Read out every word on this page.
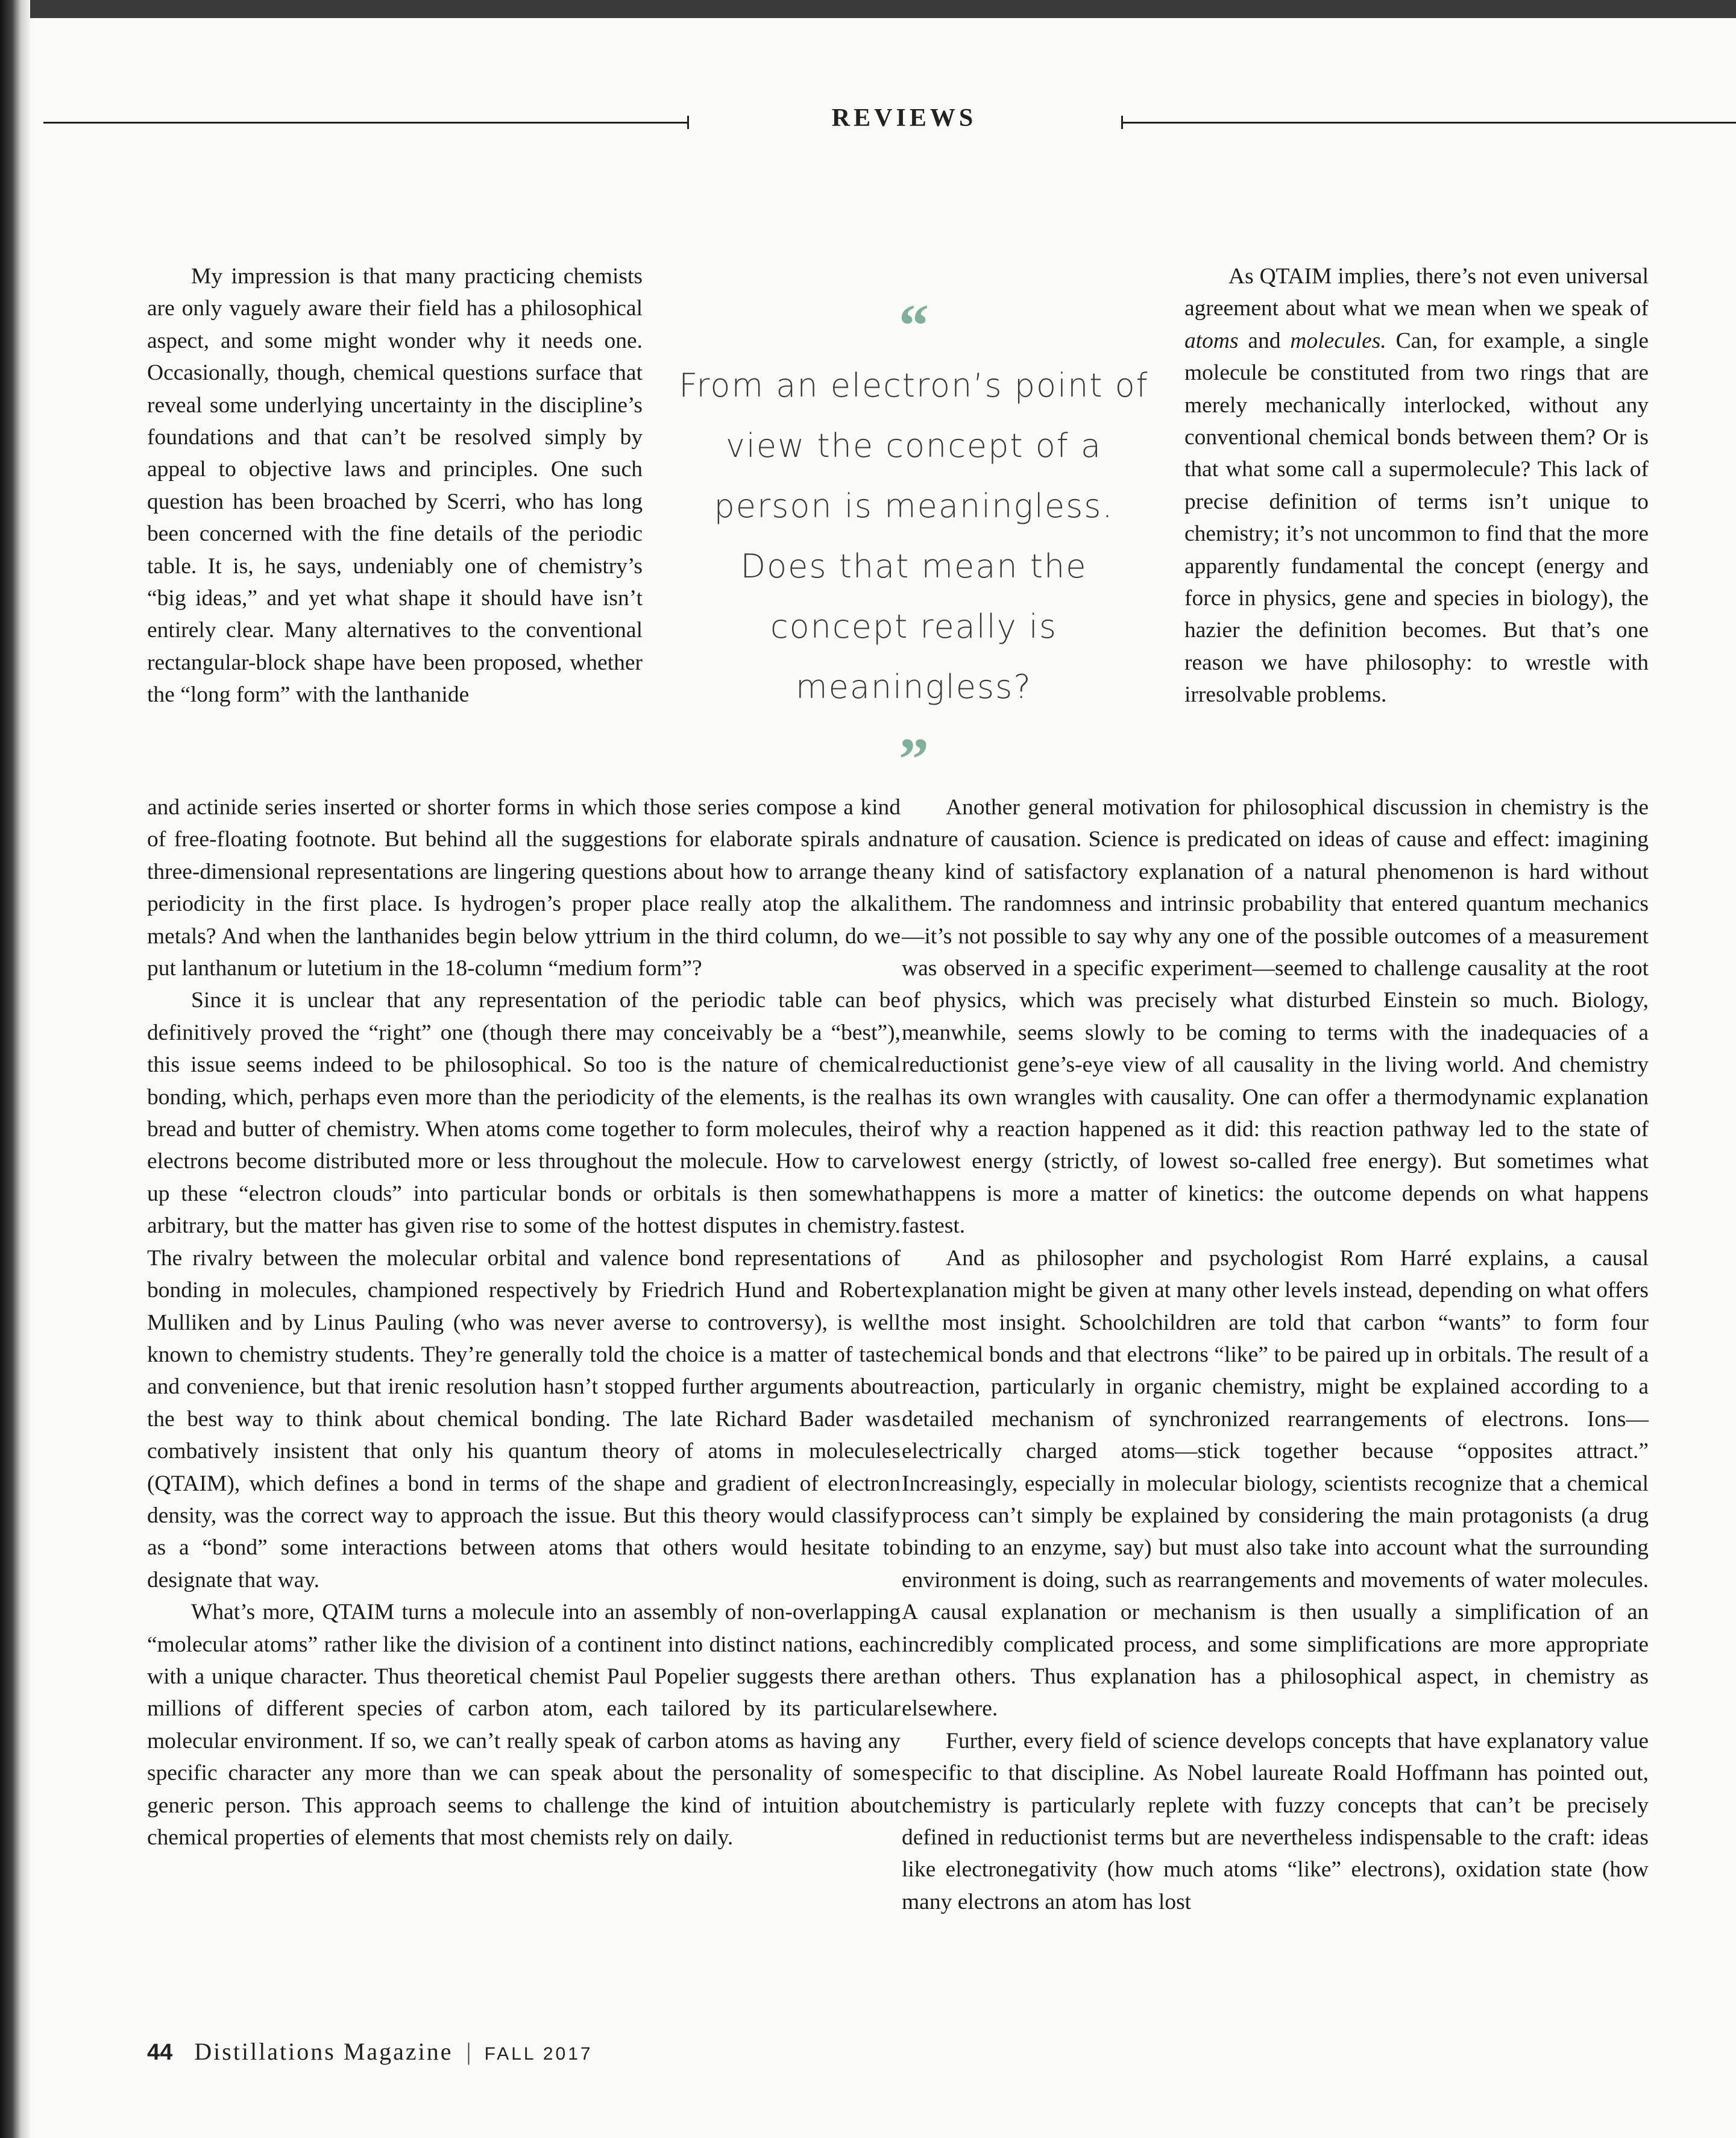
REVIEWS

My impression is that many practicing chemists are only vaguely aware their field has a philosophical aspect, and some might wonder why it needs one. Occasionally, though, chemical questions surface that reveal some underlying uncertainty in the discipline’s foundations and that can’t be resolved simply by appeal to objective laws and principles. One such question has been broached by Scerri, who has long been concerned with the fine details of the periodic table. It is, he says, undeniably one of chemistry’s “big ideas,” and yet what shape it should have isn’t entirely clear. Many alternatives to the conventional rectangular-block shape have been proposed, whether the “long form” with the lanthanide

“
From an electron’s point of view the concept of a person is meaningless. Does that mean the concept really is meaningless?
”

As QTAIM implies, there’s not even universal agreement about what we mean when we speak of atoms and molecules. Can, for example, a single molecule be constituted from two rings that are merely mechanically interlocked, without any conventional chemical bonds between them? Or is that what some call a supermolecule? This lack of precise definition of terms isn’t unique to chemistry; it’s not uncommon to find that the more apparently fundamental the concept (energy and force in physics, gene and species in biology), the hazier the definition becomes. But that’s one reason we have philosophy: to wrestle with irresolvable problems.

and actinide series inserted or shorter forms in which those series compose a kind of free-floating footnote. But behind all the suggestions for elaborate spirals and three-dimensional representations are lingering questions about how to arrange the periodicity in the first place. Is hydrogen’s proper place really atop the alkali metals? And when the lanthanides begin below yttrium in the third column, do we put lanthanum or lutetium in the 18-column “medium form”?

Since it is unclear that any representation of the periodic table can be definitively proved the “right” one (though there may conceivably be a “best”), this issue seems indeed to be philosophical. So too is the nature of chemical bonding, which, perhaps even more than the periodicity of the elements, is the real bread and butter of chemistry. When atoms come together to form molecules, their electrons become distributed more or less throughout the molecule. How to carve up these “electron clouds” into particular bonds or orbitals is then somewhat arbitrary, but the matter has given rise to some of the hottest disputes in chemistry. The rivalry between the molecular orbital and valence bond representations of bonding in molecules, championed respectively by Friedrich Hund and Robert Mulliken and by Linus Pauling (who was never averse to controversy), is well known to chemistry students. They’re generally told the choice is a matter of taste and convenience, but that irenic resolution hasn’t stopped further arguments about the best way to think about chemical bonding. The late Richard Bader was combatively insistent that only his quantum theory of atoms in molecules (QTAIM), which defines a bond in terms of the shape and gradient of electron density, was the correct way to approach the issue. But this theory would classify as a “bond” some interactions between atoms that others would hesitate to designate that way.

What’s more, QTAIM turns a molecule into an assembly of non-overlapping “molecular atoms” rather like the division of a continent into distinct nations, each with a unique character. Thus theoretical chemist Paul Popelier suggests there are millions of different species of carbon atom, each tailored by its particular molecular environment. If so, we can’t really speak of carbon atoms as having any specific character any more than we can speak about the personality of some generic person. This approach seems to challenge the kind of intuition about chemical properties of elements that most chemists rely on daily.

Another general motivation for philosophical discussion in chemistry is the nature of causation. Science is predicated on ideas of cause and effect: imagining any kind of satisfactory explanation of a natural phenomenon is hard without them. The randomness and intrinsic probability that entered quantum mechanics—it’s not possible to say why any one of the possible outcomes of a measurement was observed in a specific experiment—seemed to challenge causality at the root of physics, which was precisely what disturbed Einstein so much. Biology, meanwhile, seems slowly to be coming to terms with the inadequacies of a reductionist gene’s-eye view of all causality in the living world. And chemistry has its own wrangles with causality. One can offer a thermodynamic explanation of why a reaction happened as it did: this reaction pathway led to the state of lowest energy (strictly, of lowest so-called free energy). But sometimes what happens is more a matter of kinetics: the outcome depends on what happens fastest.

And as philosopher and psychologist Rom Harré explains, a causal explanation might be given at many other levels instead, depending on what offers the most insight. Schoolchildren are told that carbon “wants” to form four chemical bonds and that electrons “like” to be paired up in orbitals. The result of a reaction, particularly in organic chemistry, might be explained according to a detailed mechanism of synchronized rearrangements of electrons. Ions—electrically charged atoms—stick together because “opposites attract.” Increasingly, especially in molecular biology, scientists recognize that a chemical process can’t simply be explained by considering the main protagonists (a drug binding to an enzyme, say) but must also take into account what the surrounding environment is doing, such as rearrangements and movements of water molecules. A causal explanation or mechanism is then usually a simplification of an incredibly complicated process, and some simplifications are more appropriate than others. Thus explanation has a philosophical aspect, in chemistry as elsewhere.

Further, every field of science develops concepts that have explanatory value specific to that discipline. As Nobel laureate Roald Hoffmann has pointed out, chemistry is particularly replete with fuzzy concepts that can’t be precisely defined in reductionist terms but are nevertheless indispensable to the craft: ideas like electronegativity (how much atoms “like” electrons), oxidation state (how many electrons an atom has lost

44 Distillations Magazine | FALL 2017
